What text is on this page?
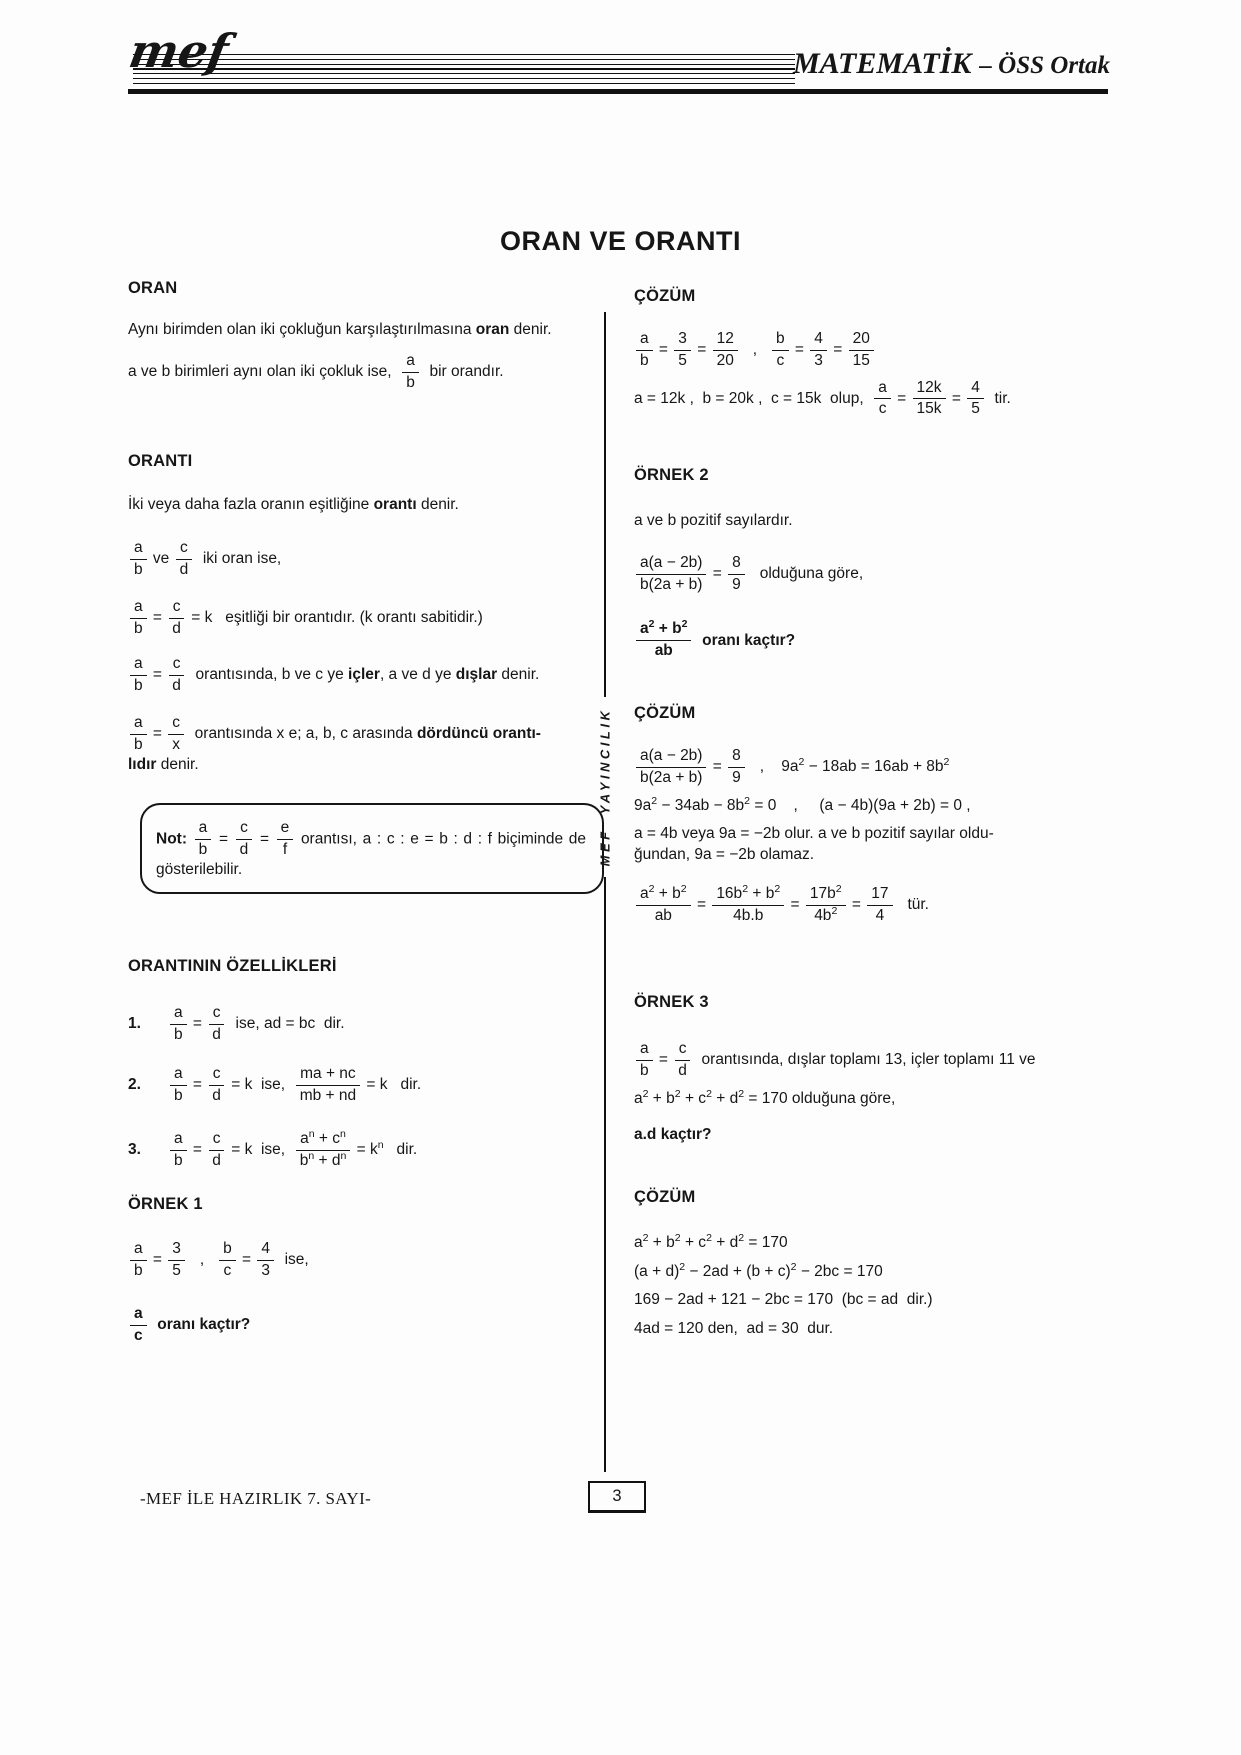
mef	MATEMATİK – ÖSS Ortak
ORAN VE ORANTI
MEF  YAYINCILIK
ORAN
Aynı birimden olan iki çokluğun karşılaştırılmasına oran denir.
a ve b birimleri aynı olan iki çokluk ise, $\frac{a}{b}$ bir orandır.
ORANTI
İki veya daha fazla oranın eşitliğine orantı denir.
$\frac{a}{b}$ ve $\frac{c}{d}$ iki oran ise,
$\frac{a}{b} = \frac{c}{d} = k$   eşitliği bir orantıdır. (k orantı sabitidir.)
$\frac{a}{b} = \frac{c}{d}$ orantısında, b ve c ye içler , a ve d ye dışlar denir.
$\frac{a}{b} = \frac{c}{x}$ orantısında x e; a, b, c arasında dördüncü orantı-
lıdır denir.
Not: $\frac{a}{b} = \frac{c}{d} = \frac{e}{f}$ orantısı, a : c : e = b : d : f biçiminde de gösterilebilir.
ORANTININ ÖZELLİKLERİ
1.	$\frac{a}{b} = \frac{c}{d}$ ise, ad = bc  dir.
2.	$\frac{a}{b} = \frac{c}{d} = k$  ise, $\frac{ma + nc}{mb + nd} = k$   dir.
3.	$\frac{a}{b} = \frac{c}{d} = k$  ise, $\frac{a^n + c^n}{b^n + d^n} = k^n$   dir.
ÖRNEK 1
$\frac{a}{b} = \frac{3}{5}$ , $\frac{b}{c} = \frac{4}{3}$ ise,
$\frac{a}{c}$
oranı kaçtır?
ÇÖZÜM
$\frac{a}{b} = \frac{3}{5} = \frac{12}{20}$ , $\frac{b}{c} = \frac{4}{3} = \frac{20}{15}$
a = 12k ,  b = 20k ,  c = 15k  olup, $\frac{a}{c} = \frac{12k}{15k} = \frac{4}{5}$ tir.
ÖRNEK 2
a ve b pozitif sayılardır.
$\frac{a(a - 2b)}{b(2a + b)} = \frac{8}{9}$ olduğuna göre,
$\frac{a^2 + b^2}{ab}$
oranı kaçtır?
ÇÖZÜM
$\frac{a(a - 2b)}{b(2a + b)} = \frac{8}{9}$ ,    $9a^2 - 18ab = 16ab + 8b^2$
$9a^2 - 34ab - 8b^2 = 0$    ,     (a − 4b)(9a + 2b) = 0 ,
a = 4b veya 9a = −2b olur. a ve b pozitif sayılar oldu-
ğundan, 9a = −2b olamaz.
$\frac{a^2 + b^2}{ab} = \frac{16b^2 + b^2}{4b.b} = \frac{17b^2}{4b^2} = \frac{17}{4}$ tür.
ÖRNEK 3
$\frac{a}{b} = \frac{c}{d}$ orantısında, dışlar toplamı 13, içler toplamı 11 ve
$a^2 + b^2 + c^2 + d^2 = 170$ olduğuna göre,
a.d kaçtır?
ÇÖZÜM
$a^2 + b^2 + c^2 + d^2 = 170$
$(a + d)^2 - 2ad + (b + c)^2 - 2bc = 170$
169 − 2ad + 121 − 2bc = 170  (bc = ad  dir.)
4ad = 120 den,  ad = 30  dur.
-MEF İLE HAZIRLIK 7. SAYI-	3
